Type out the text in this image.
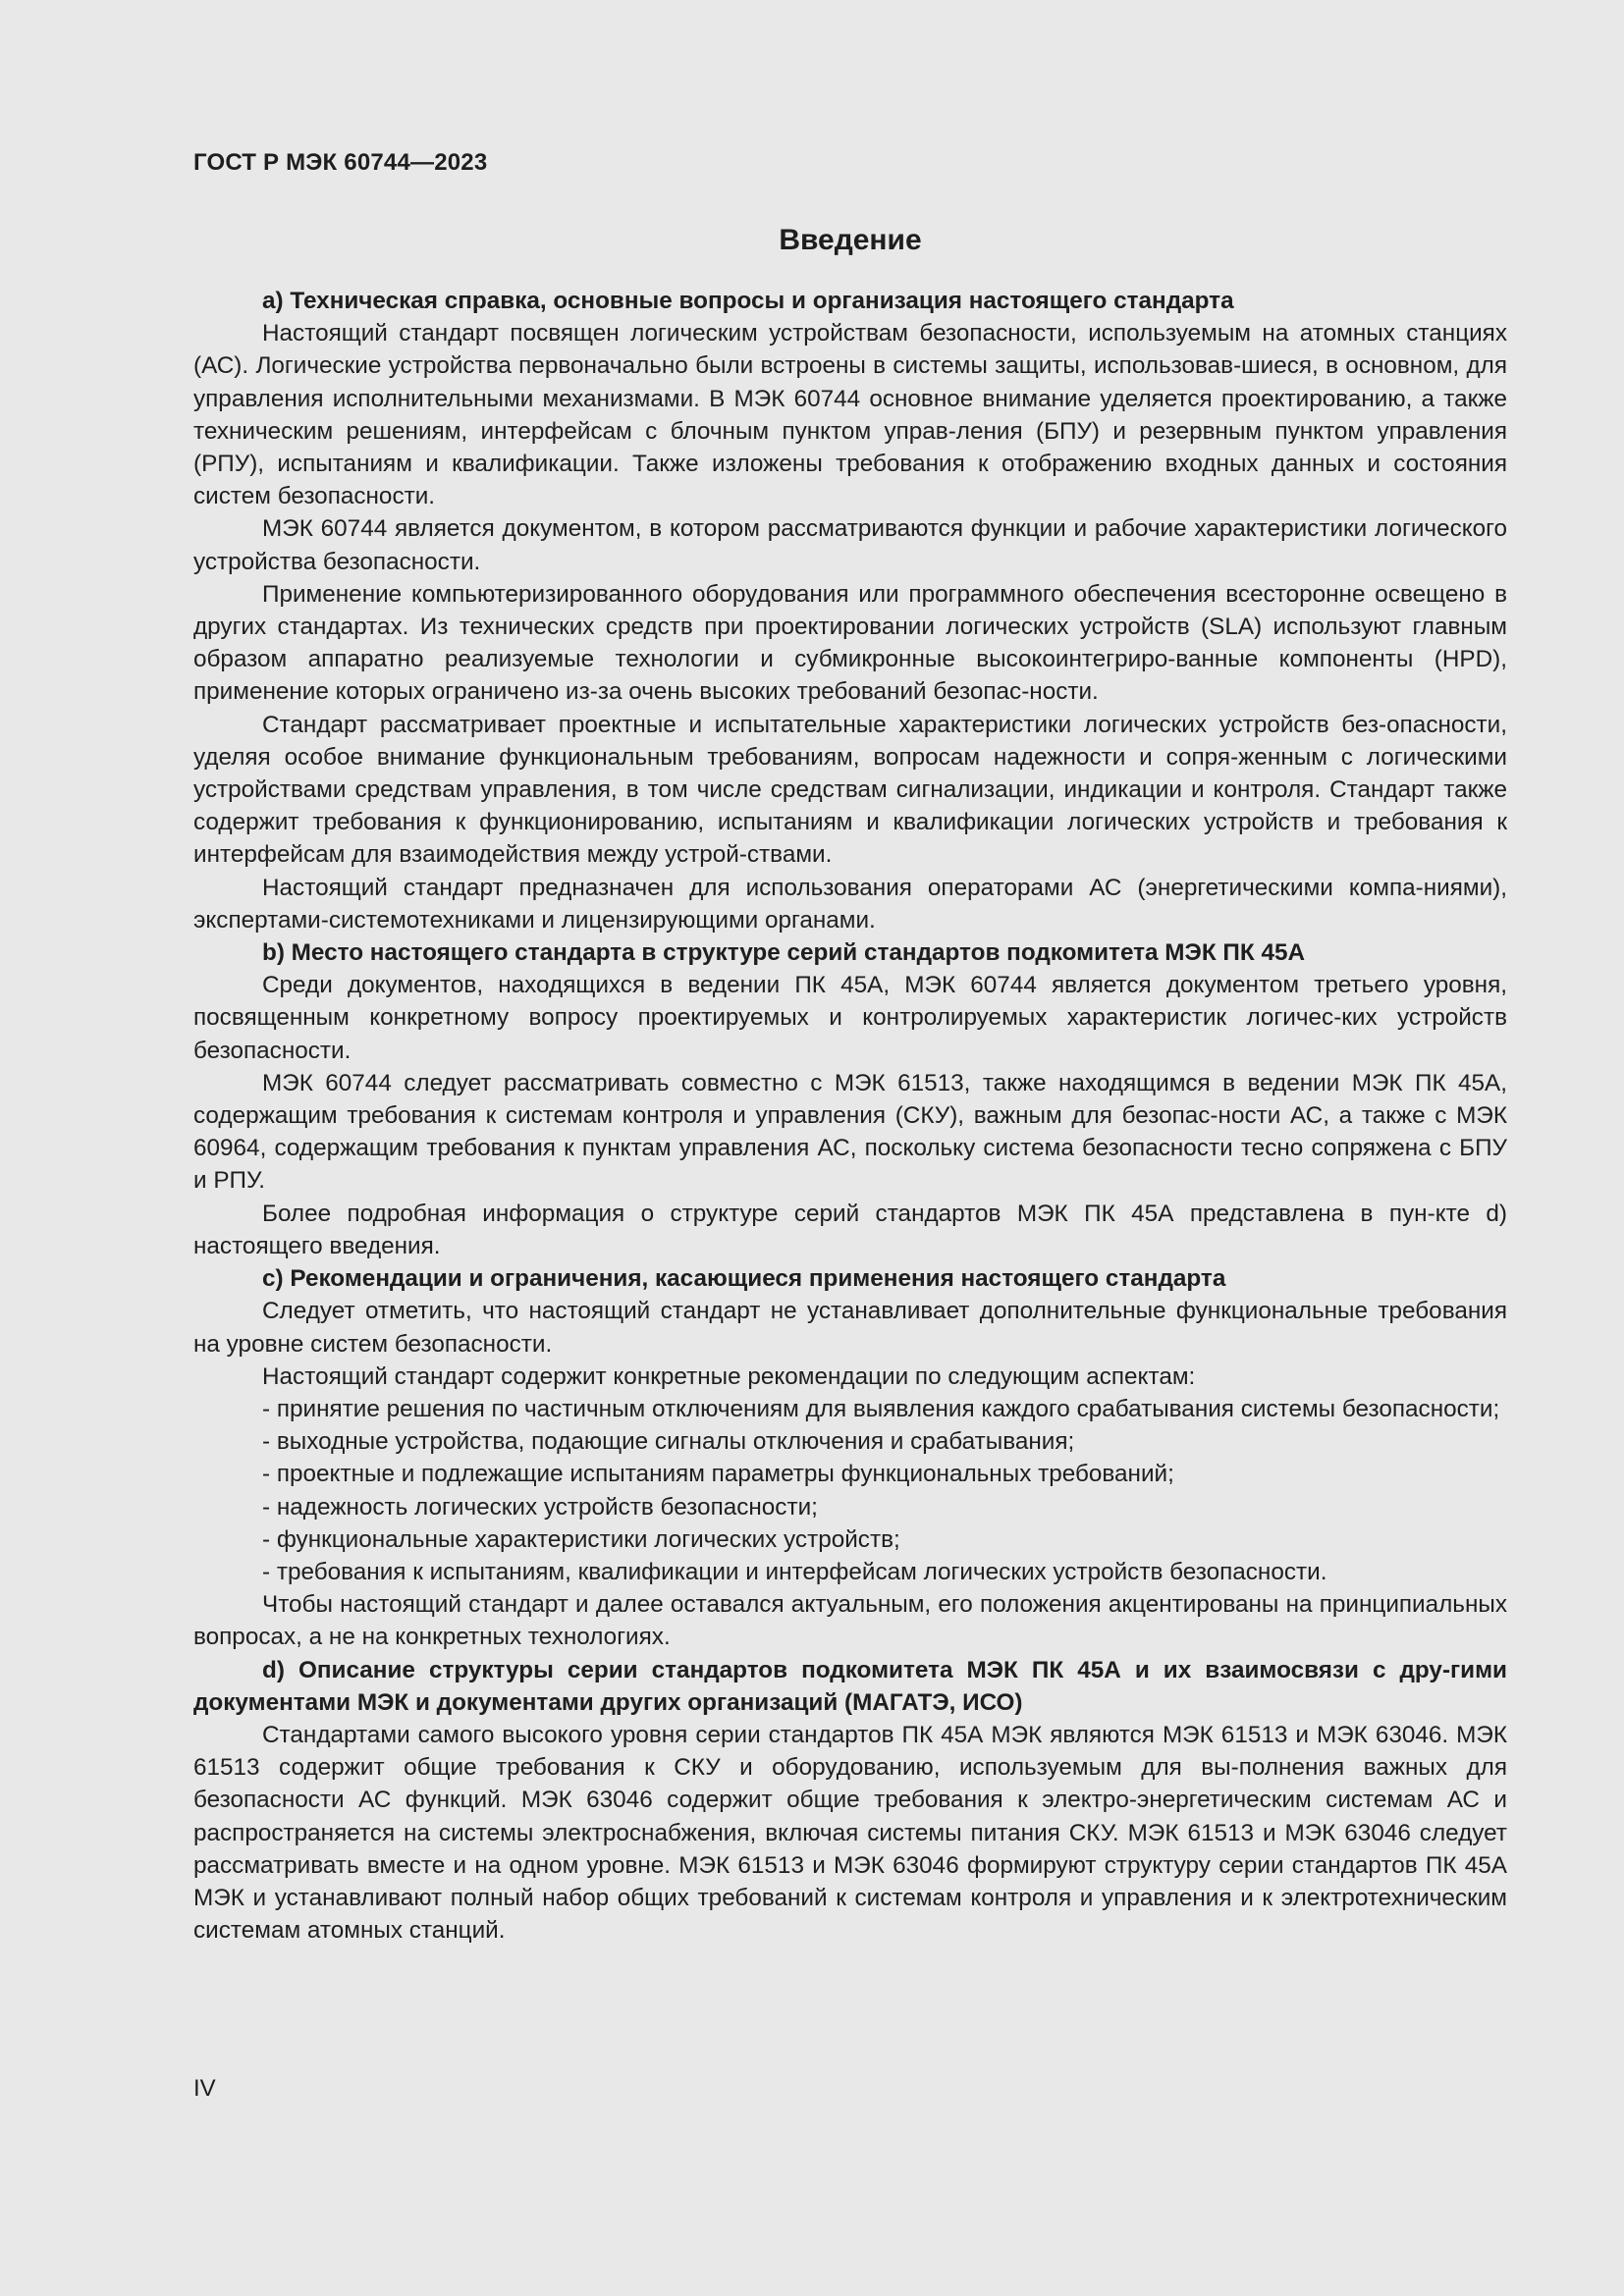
ГОСТ Р МЭК 60744—2023
Введение

a) Техническая справка, основные вопросы и организация настоящего стандарта

Настоящий стандарт посвящен логическим устройствам безопасности, используемым на атомных станциях (АС). Логические устройства первоначально были встроены в системы защиты, использовав-шиеся, в основном, для управления исполнительными механизмами. В МЭК 60744 основное внимание уделяется проектированию, а также техническим решениям, интерфейсам с блочным пунктом управ-ления (БПУ) и резервным пунктом управления (РПУ), испытаниям и квалификации. Также изложены требования к отображению входных данных и состояния систем безопасности.

МЭК 60744 является документом, в котором рассматриваются функции и рабочие характеристики логического устройства безопасности.

Применение компьютеризированного оборудования или программного обеспечения всесторонне освещено в других стандартах. Из технических средств при проектировании логических устройств (SLA) используют главным образом аппаратно реализуемые технологии и субмикронные высокоинтегриро-ванные компоненты (HPD), применение которых ограничено из-за очень высоких требований безопас-ности.

Стандарт рассматривает проектные и испытательные характеристики логических устройств без-опасности, уделяя особое внимание функциональным требованиям, вопросам надежности и сопря-женным с логическими устройствами средствам управления, в том числе средствам сигнализации, индикации и контроля. Стандарт также содержит требования к функционированию, испытаниям и квалификации логических устройств и требования к интерфейсам для взаимодействия между устрой-ствами.

Настоящий стандарт предназначен для использования операторами АС (энергетическими компа-ниями), экспертами-системотехниками и лицензирующими органами.

b) Место настоящего стандарта в структуре серий стандартов подкомитета МЭК ПК 45А

Среди документов, находящихся в ведении ПК 45А, МЭК 60744 является документом третьего уровня, посвященным конкретному вопросу проектируемых и контролируемых характеристик логичес-ких устройств безопасности.

МЭК 60744 следует рассматривать совместно с МЭК 61513, также находящимся в ведении МЭК ПК 45А, содержащим требования к системам контроля и управления (СКУ), важным для безопас-ности АС, а также с МЭК 60964, содержащим требования к пунктам управления АС, поскольку система безопасности тесно сопряжена с БПУ и РПУ.

Более подробная информация о структуре серий стандартов МЭК ПК 45А представлена в пун-кте d) настоящего введения.

c) Рекомендации и ограничения, касающиеся применения настоящего стандарта

Следует отметить, что настоящий стандарт не устанавливает дополнительные функциональные требования на уровне систем безопасности.

Настоящий стандарт содержит конкретные рекомендации по следующим аспектам:

- принятие решения по частичным отключениям для выявления каждого срабатывания системы безопасности;

- выходные устройства, подающие сигналы отключения и срабатывания;

- проектные и подлежащие испытаниям параметры функциональных требований;

- надежность логических устройств безопасности;

- функциональные характеристики логических устройств;

- требования к испытаниям, квалификации и интерфейсам логических устройств безопасности.

Чтобы настоящий стандарт и далее оставался актуальным, его положения акцентированы на принципиальных вопросах, а не на конкретных технологиях.

d) Описание структуры серии стандартов подкомитета МЭК ПК 45А и их взаимосвязи с дру-гими документами МЭК и документами других организаций (МАГАТЭ, ИСО)

Стандартами самого высокого уровня серии стандартов ПК 45А МЭК являются МЭК 61513 и МЭК 63046. МЭК 61513 содержит общие требования к СКУ и оборудованию, используемым для вы-полнения важных для безопасности АС функций. МЭК 63046 содержит общие требования к электро-энергетическим системам АС и распространяется на системы электроснабжения, включая системы питания СКУ. МЭК 61513 и МЭК 63046 следует рассматривать вместе и на одном уровне. МЭК 61513 и МЭК 63046 формируют структуру серии стандартов ПК 45А МЭК и устанавливают полный набор общих требований к системам контроля и управления и к электротехническим системам атомных станций.

IV
